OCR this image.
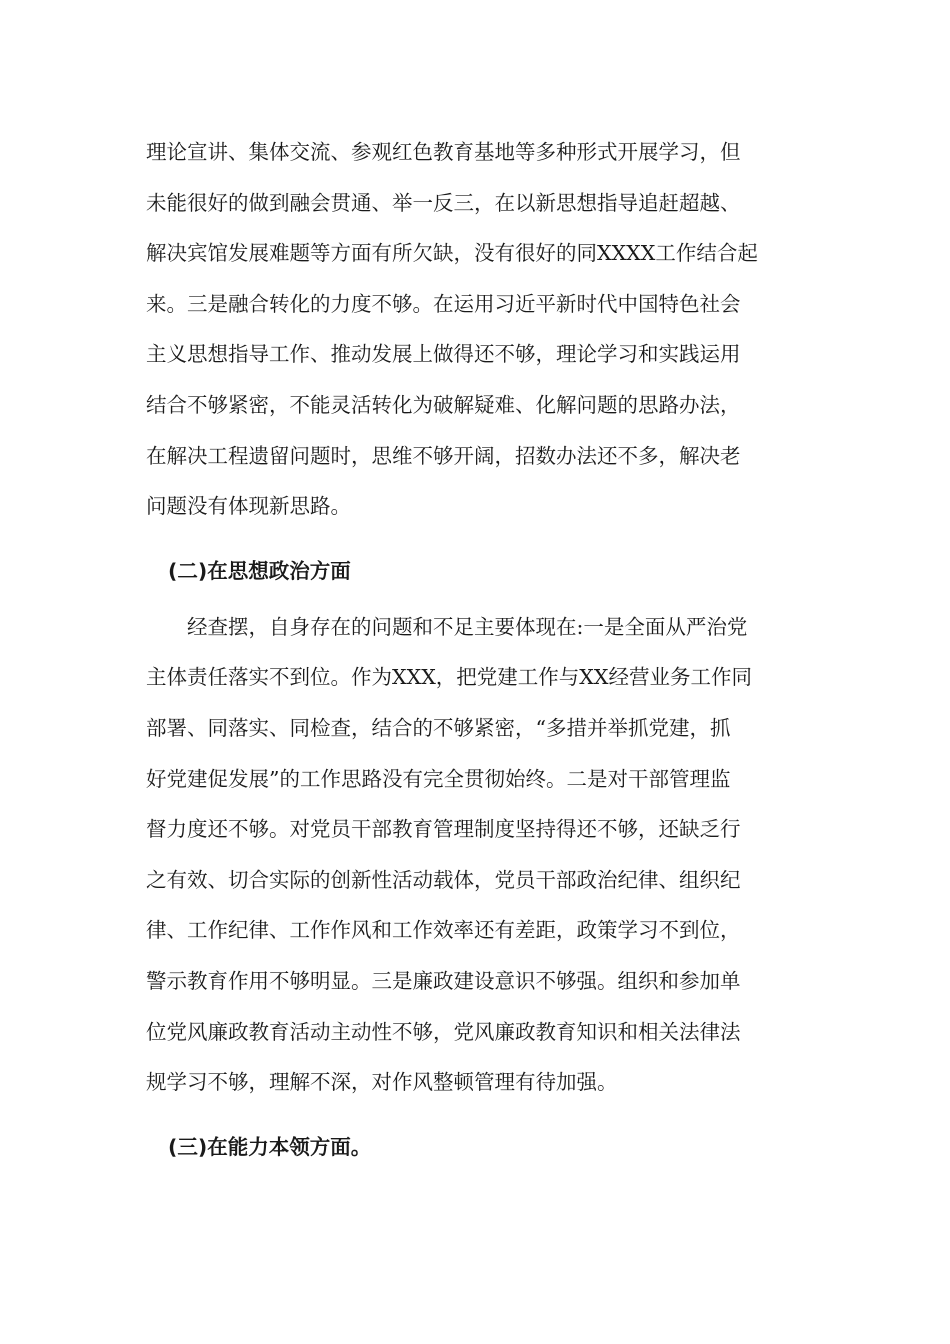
理论宣讲、集体交流、参观红色教育基地等多种形式开展学习，但
未能很好的做到融会贯通、举一反三，在以新思想指导追赶超越、
解决宾馆发展难题等方面有所欠缺，没有很好的同XXXX工作结合起
来。三是融合转化的力度不够。在运用习近平新时代中国特色社会
主义思想指导工作、推动发展上做得还不够，理论学习和实践运用
结合不够紧密，不能灵活转化为破解疑难、化解问题的思路办法，
在解决工程遗留问题时，思维不够开阔，招数办法还不多，解决老
问题没有体现新思路。
(二)在思想政治方面
经查摆，自身存在的问题和不足主要体现在:一是全面从严治党
主体责任落实不到位。作为XXX，把党建工作与XX经营业务工作同
部署、同落实、同检查，结合的不够紧密，“多措并举抓党建，抓
好党建促发展”的工作思路没有完全贯彻始终。二是对干部管理监
督力度还不够。对党员干部教育管理制度坚持得还不够，还缺乏行
之有效、切合实际的创新性活动载体，党员干部政治纪律、组织纪
律、工作纪律、工作作风和工作效率还有差距，政策学习不到位，
警示教育作用不够明显。三是廉政建设意识不够强。组织和参加单
位党风廉政教育活动主动性不够，党风廉政教育知识和相关法律法
规学习不够，理解不深，对作风整顿管理有待加强。
(三)在能力本领方面。
